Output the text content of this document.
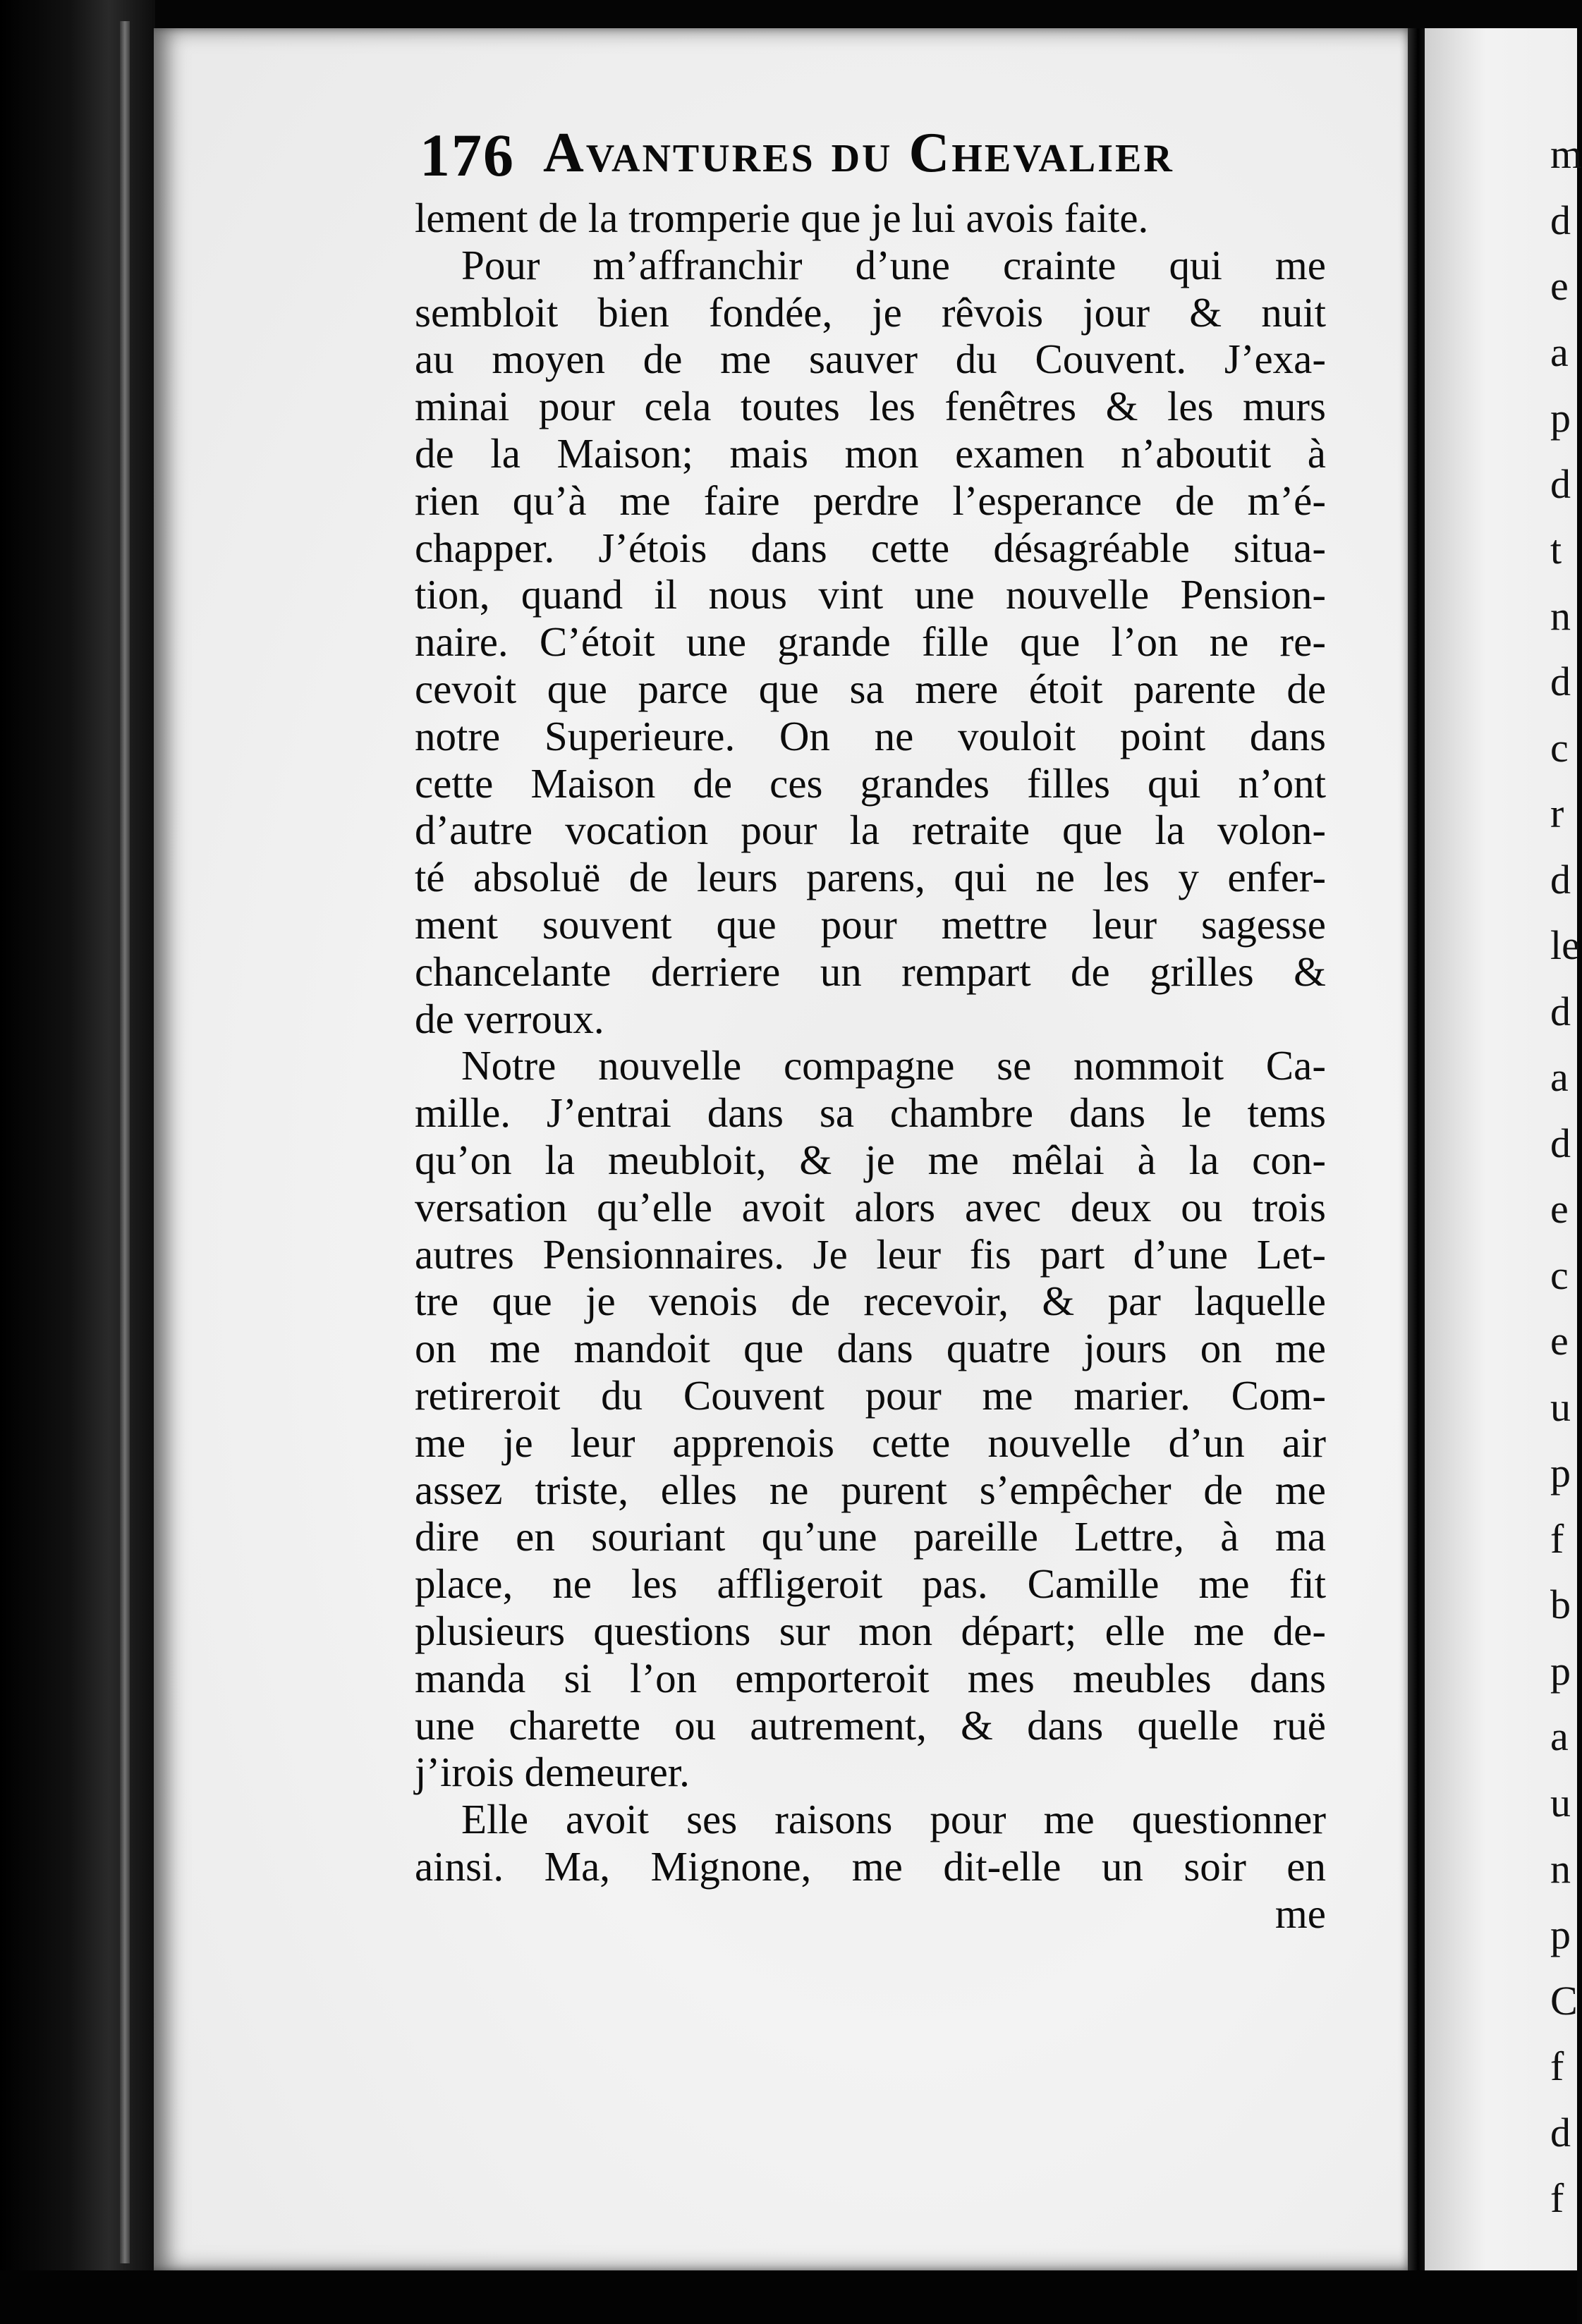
m
d
e
a
p
d
t
n
d
c
r
d
le
d
a
d
e
c
e
u
p
f
b
p
a
u
n
p
C
f
d
f
176 Avantures du Chevalier
lement de la tromperie que je lui avois faite.
Pour m’affranchir d’une crainte qui me
sembloit bien fondée, je rêvois jour & nuit
au moyen de me sauver du Couvent. J’exa-
minai pour cela toutes les fenêtres & les murs
de la Maison; mais mon examen n’aboutit à
rien qu’à me faire perdre l’esperance de m’é-
chapper. J’étois dans cette désagréable situa-
tion, quand il nous vint une nouvelle Pension-
naire. C’étoit une grande fille que l’on ne re-
cevoit que parce que sa mere étoit parente de
notre Superieure. On ne vouloit point dans
cette Maison de ces grandes filles qui n’ont
d’autre vocation pour la retraite que la volon-
té absoluë de leurs parens, qui ne les y enfer-
ment souvent que pour mettre leur sagesse
chancelante derriere un rempart de grilles &
de verroux.
Notre nouvelle compagne se nommoit Ca-
mille. J’entrai dans sa chambre dans le tems
qu’on la meubloit, & je me mêlai à la con-
versation qu’elle avoit alors avec deux ou trois
autres Pensionnaires. Je leur fis part d’une Let-
tre que je venois de recevoir, & par laquelle
on me mandoit que dans quatre jours on me
retireroit du Couvent pour me marier. Com-
me je leur apprenois cette nouvelle d’un air
assez triste, elles ne purent s’empêcher de me
dire en souriant qu’une pareille Lettre, à ma
place, ne les affligeroit pas. Camille me fit
plusieurs questions sur mon départ; elle me de-
manda si l’on emporteroit mes meubles dans
une charette ou autrement, & dans quelle ruë
j’irois demeurer.
Elle avoit ses raisons pour me questionner
ainsi. Ma, Mignone, me dit-elle un soir en
me
